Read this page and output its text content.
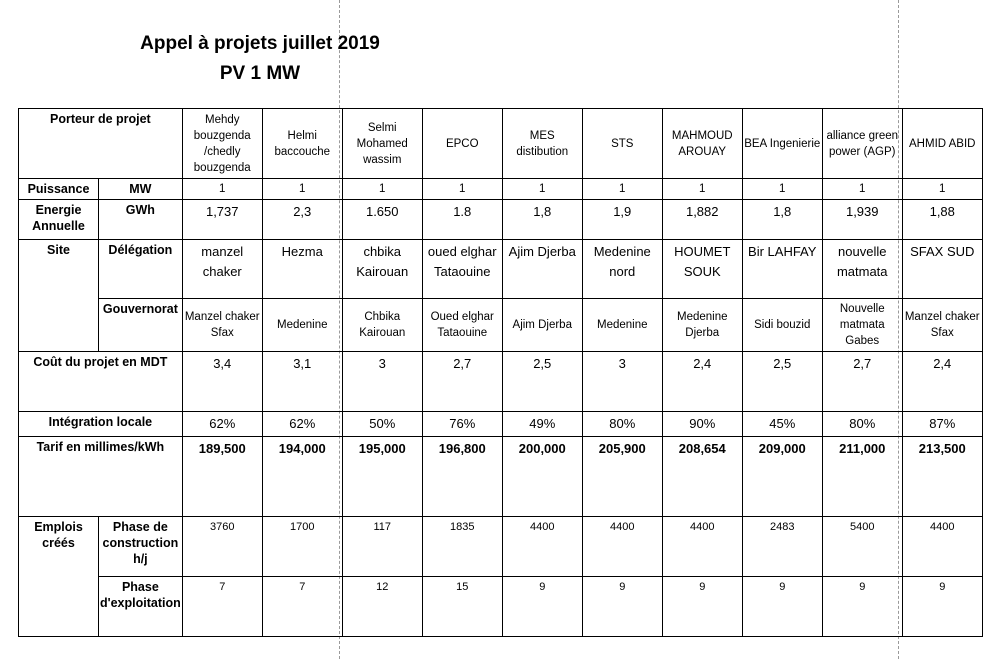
Appel à projets juillet 2019
PV 1 MW
Porteur de projet		Mehdy bouzgenda /chedly bouzgenda	Helmi baccouche	Selmi Mohamed wassim	EPCO	MES distibution	STS	MAHMOUD AROUAY	BEA Ingenierie	alliance green power (AGP)	AHMID ABID
Puissance	MW	1	1	1	1	1	1	1	1	1	1
Energie Annuelle	GWh	1,737	2,3	1.650	1.8	1,8	1,9	1,882	1,8	1,939	1,88
Site	Délégation	manzel chaker	Hezma	chbika Kairouan	oued elghar Tataouine	Ajim Djerba	Medenine nord	HOUMET SOUK	Bir LAHFAY	nouvelle matmata	SFAX SUD
	Gouvernorat	Manzel chaker Sfax	Medenine	Chbika Kairouan	Oued elghar Tataouine	Ajim Djerba	Medenine	Medenine Djerba	Sidi bouzid	Nouvelle matmata Gabes	Manzel chaker Sfax
Coût du projet en MDT		3,4	3,1	3	2,7	2,5	3	2,4	2,5	2,7	2,4
Intégration locale		62%	62%	50%	76%	49%	80%	90%	45%	80%	87%
Tarif en millimes/kWh		189,500	194,000	195,000	196,800	200,000	205,900	208,654	209,000	211,000	213,500
Emplois créés	Phase de construction h/j	3760	1700	117	1835	4400	4400	4400	2483	5400	4400
	Phase d'exploitation	7	7	12	15	9	9	9	9	9	9
